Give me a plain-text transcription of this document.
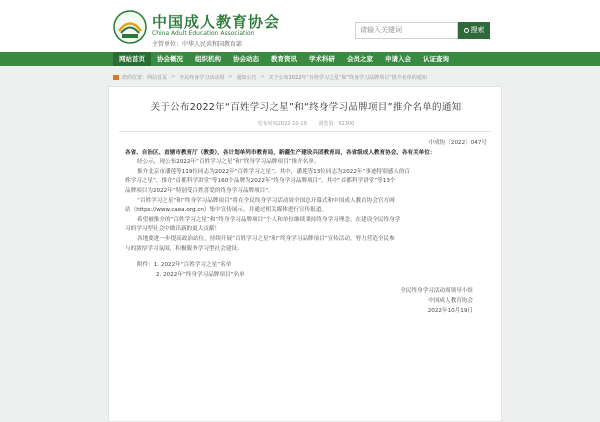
中国成人教育协会
China Adult Education Association
主管单位：中华人民共和国教育部
请输入关键词	搜索
网站首页	协会概况	组织机构	协会动态	教育资讯	学术科研	会员之家	申请入会	认证查询
您的位置： 网站首页 > 全民终身学习活动周 > 通知公告 > 关于公布2022年“百姓学习之星”和“终身学习品牌项目”推介名单的通知
关于公布2022年“百姓学习之星”和“终身学习品牌项目”推介名单的通知
发布时间2022-10-19 浏览量：52300

中成协〔2022〕047号

各省、自治区、直辖市教育厅（教委），各计划单列市教育局，新疆生产建设兵团教育局，各省级成人教育协会、各有关单位：

经公示，现公布2022年“百姓学习之星”和“终身学习品牌项目”推介名单。

推介北京市潘莲等119位同志为2022年“百姓学习之星”，其中，潘莲等13位同志为2022年“事迹特别感人的百

姓学习之星”。推介“首都科学讲堂”等160个品牌为2022年“终身学习品牌项目”，其中“首都科学讲堂”等13个

品牌项目为2022年“特别受百姓喜爱的终身学习品牌项目”。

“百姓学习之星”和“终身学习品牌项目”将在全民终身学习活动周全国总开幕式和中国成人教育协会官方网

站（https://www.caea.org.cn）集中宣传展示，并通过相关媒体进行宣传报道。

希望被推介的“百姓学习之星”和“终身学习品牌项目”个人和单位继续秉持终身学习理念，在建设全民终身学

习的学习型社会中做出新的更大贡献！

各地要进一步提高政治站位，持续开展“百姓学习之星”和“终身学习品牌项目”宣传活动，努力营造全民参

与的浓厚学习氛围，积极服务学习型社会建设。

附件：1. 2022年“百姓学习之星”名单

2. 2022年“终身学习品牌项目”名单

全民终身学习活动周领导小组

中国成人教育协会

2022年10月19日
